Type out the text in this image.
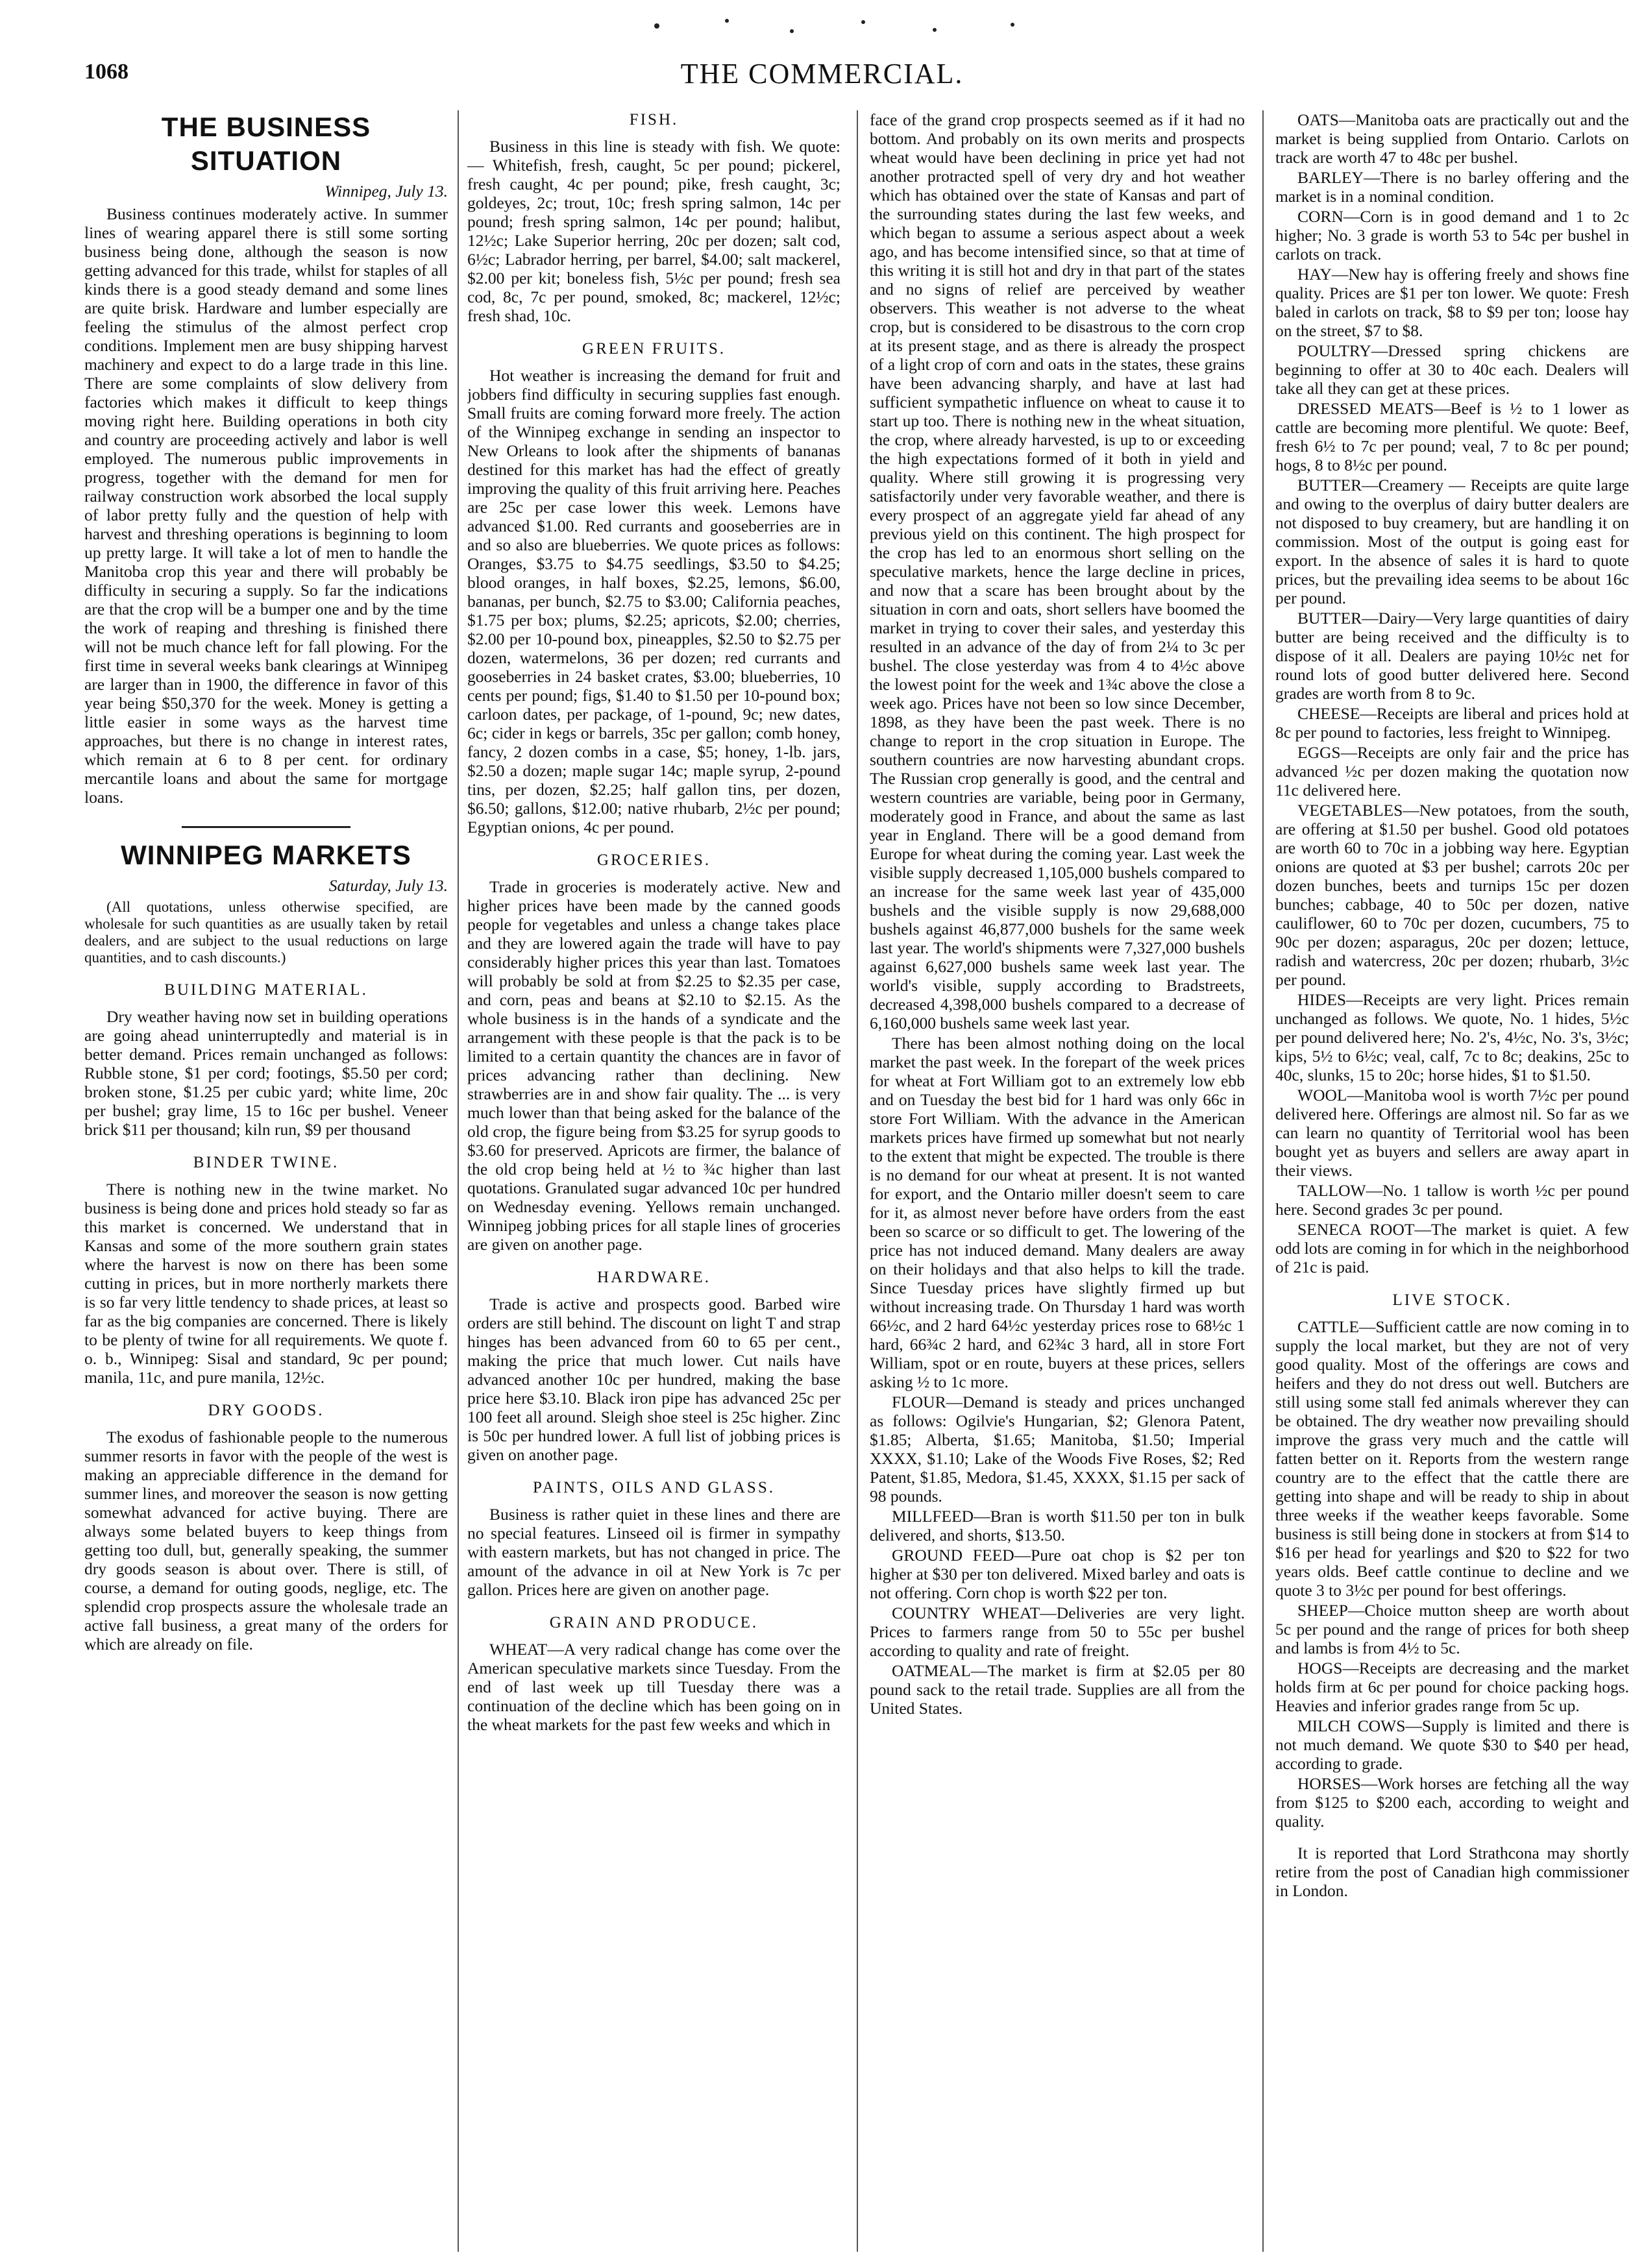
1068	THE COMMERCIAL.
THE BUSINESS SITUATION
Winnipeg, July 13.

Business continues moderately active. In summer lines of wearing apparel there is still some sorting business being done, although the season is now getting advanced for this trade, whilst for staples of all kinds there is a good steady demand and some lines are quite brisk. Hardware and lumber especially are feeling the stimulus of the almost perfect crop conditions. Implement men are busy shipping harvest machinery and expect to do a large trade in this line. There are some complaints of slow delivery from factories which makes it difficult to keep things moving right here. Building operations in both city and country are proceeding actively and labor is well employed. The numerous public improvements in progress, together with the demand for men for railway construction work absorbed the local supply of labor pretty fully and the question of help with harvest and threshing operations is beginning to loom up pretty large. It will take a lot of men to handle the Manitoba crop this year and there will probably be difficulty in securing a supply. So far the indications are that the crop will be a bumper one and by the time the work of reaping and threshing is finished there will not be much chance left for fall plowing. For the first time in several weeks bank clearings at Winnipeg are larger than in 1900, the difference in favor of this year being $50,370 for the week. Money is getting a little easier in some ways as the harvest time approaches, but there is no change in interest rates, which remain at 6 to 8 per cent. for ordinary mercantile loans and about the same for mortgage loans.

WINNIPEG MARKETS
Saturday, July 13.

(All quotations, unless otherwise specified, are wholesale for such quantities as are usually taken by retail dealers, and are subject to the usual reductions on large quantities, and to cash discounts.)

BUILDING MATERIAL.

Dry weather having now set in building operations are going ahead uninterruptedly and material is in better demand. Prices remain unchanged as follows: Rubble stone, $1 per cord; footings, $5.50 per cord; broken stone, $1.25 per cubic yard; white lime, 20c per bushel; gray lime, 15 to 16c per bushel. Veneer brick $11 per thousand; kiln run, $9 per thousand

BINDER TWINE.

There is nothing new in the twine market. No business is being done and prices hold steady so far as this market is concerned. We understand that in Kansas and some of the more southern grain states where the harvest is now on there has been some cutting in prices, but in more northerly markets there is so far very little tendency to shade prices, at least so far as the big companies are concerned. There is likely to be plenty of twine for all requirements. We quote f. o. b., Winnipeg: Sisal and standard, 9c per pound; manila, 11c, and pure manila, 12½c.

DRY GOODS.

The exodus of fashionable people to the numerous summer resorts in favor with the people of the west is making an appreciable difference in the demand for summer lines, and moreover the season is now getting somewhat advanced for active buying. There are always some belated buyers to keep things from getting too dull, but, generally speaking, the summer dry goods season is about over. There is still, of course, a demand for outing goods, neglige, etc. The splendid crop prospects assure the wholesale trade an active fall business, a great many of the orders for which are already on file.

FISH.

Business in this line is steady with fish. We quote: — Whitefish, fresh, caught, 5c per pound; pickerel, fresh caught, 4c per pound; pike, fresh caught, 3c; goldeyes, 2c; trout, 10c; fresh spring salmon, 14c per pound; fresh spring salmon, 14c per pound; halibut, 12½c; Lake Superior herring, 20c per dozen; salt cod, 6½c; Labrador herring, per barrel, $4.00; salt mackerel, $2.00 per kit; boneless fish, 5½c per pound; fresh sea cod, 8c, 7c per pound, smoked, 8c; mackerel, 12½c; fresh shad, 10c.

GREEN FRUITS.

Hot weather is increasing the demand for fruit and jobbers find difficulty in securing supplies fast enough. Small fruits are coming forward more freely. The action of the Winnipeg exchange in sending an inspector to New Orleans to look after the shipments of bananas destined for this market has had the effect of greatly improving the quality of this fruit arriving here. Peaches are 25c per case lower this week. Lemons have advanced $1.00. Red currants and gooseberries are in and so also are blueberries. We quote prices as follows: Oranges, $3.75 to $4.75 seedlings, $3.50 to $4.25; blood oranges, in half boxes, $2.25, lemons, $6.00, bananas, per bunch, $2.75 to $3.00; California peaches, $1.75 per box; plums, $2.25; apricots, $2.00; cherries, $2.00 per 10-pound box, pineapples, $2.50 to $2.75 per dozen, watermelons, 36 per dozen; red currants and gooseberries in 24 basket crates, $3.00; blueberries, 10 cents per pound; figs, $1.40 to $1.50 per 10-pound box; carloon dates, per package, of 1-pound, 9c; new dates, 6c; cider in kegs or barrels, 35c per gallon; comb honey, fancy, 2 dozen combs in a case, $5; honey, 1-lb. jars, $2.50 a dozen; maple sugar 14c; maple syrup, 2-pound tins, per dozen, $2.25; half gallon tins, per dozen, $6.50; gallons, $12.00; native rhubarb, 2½c per pound; Egyptian onions, 4c per pound.

GROCERIES.

Trade in groceries is moderately active. New and higher prices have been made by the canned goods people for vegetables and unless a change takes place and they are lowered again the trade will have to pay considerably higher prices this year than last. Tomatoes will probably be sold at from $2.25 to $2.35 per case, and corn, peas and beans at $2.10 to $2.15. As the whole business is in the hands of a syndicate and the arrangement with these people is that the pack is to be limited to a certain quantity the chances are in favor of prices advancing rather than declining. New strawberries are in and show fair quality. The ... is very much lower than that being asked for the balance of the old crop, the figure being from $3.25 for syrup goods to $3.60 for preserved. Apricots are firmer, the balance of the old crop being held at ½ to ¾c higher than last quotations. Granulated sugar advanced 10c per hundred on Wednesday evening. Yellows remain unchanged. Winnipeg jobbing prices for all staple lines of groceries are given on another page.

HARDWARE.

Trade is active and prospects good. Barbed wire orders are still behind. The discount on light T and strap hinges has been advanced from 60 to 65 per cent., making the price that much lower. Cut nails have advanced another 10c per hundred, making the base price here $3.10. Black iron pipe has advanced 25c per 100 feet all around. Sleigh shoe steel is 25c higher. Zinc is 50c per hundred lower. A full list of jobbing prices is given on another page.

PAINTS, OILS AND GLASS.

Business is rather quiet in these lines and there are no special features. Linseed oil is firmer in sympathy with eastern markets, but has not changed in price. The amount of the advance in oil at New York is 7c per gallon. Prices here are given on another page.

GRAIN AND PRODUCE.

WHEAT—A very radical change has come over the American speculative markets since Tuesday. From the end of last week up till Tuesday there was a continuation of the decline which has been going on in the wheat markets for the past few weeks and which in

face of the grand crop prospects seemed as if it had no bottom. And probably on its own merits and prospects wheat would have been declining in price yet had not another protracted spell of very dry and hot weather which has obtained over the state of Kansas and part of the surrounding states during the last few weeks, and which began to assume a serious aspect about a week ago, and has become intensified since, so that at time of this writing it is still hot and dry in that part of the states and no signs of relief are perceived by weather observers. This weather is not adverse to the wheat crop, but is considered to be disastrous to the corn crop at its present stage, and as there is already the prospect of a light crop of corn and oats in the states, these grains have been advancing sharply, and have at last had sufficient sympathetic influence on wheat to cause it to start up too. There is nothing new in the wheat situation, the crop, where already harvested, is up to or exceeding the high expectations formed of it both in yield and quality. Where still growing it is progressing very satisfactorily under very favorable weather, and there is every prospect of an aggregate yield far ahead of any previous yield on this continent. The high prospect for the crop has led to an enormous short selling on the speculative markets, hence the large decline in prices, and now that a scare has been brought about by the situation in corn and oats, short sellers have boomed the market in trying to cover their sales, and yesterday this resulted in an advance of the day of from 2¼ to 3c per bushel. The close yesterday was from 4 to 4½c above the lowest point for the week and 1¾c above the close a week ago. Prices have not been so low since December, 1898, as they have been the past week. There is no change to report in the crop situation in Europe. The southern countries are now harvesting abundant crops. The Russian crop generally is good, and the central and western countries are variable, being poor in Germany, moderately good in France, and about the same as last year in England. There will be a good demand from Europe for wheat during the coming year. Last week the visible supply decreased 1,105,000 bushels compared to an increase for the same week last year of 435,000 bushels and the visible supply is now 29,688,000 bushels against 46,877,000 bushels for the same week last year. The world's shipments were 7,327,000 bushels against 6,627,000 bushels same week last year. The world's visible, supply according to Bradstreets, decreased 4,398,000 bushels compared to a decrease of 6,160,000 bushels same week last year.

There has been almost nothing doing on the local market the past week. In the forepart of the week prices for wheat at Fort William got to an extremely low ebb and on Tuesday the best bid for 1 hard was only 66c in store Fort William. With the advance in the American markets prices have firmed up somewhat but not nearly to the extent that might be expected. The trouble is there is no demand for our wheat at present. It is not wanted for export, and the Ontario miller doesn't seem to care for it, as almost never before have orders from the east been so scarce or so difficult to get. The lowering of the price has not induced demand. Many dealers are away on their holidays and that also helps to kill the trade. Since Tuesday prices have slightly firmed up but without increasing trade. On Thursday 1 hard was worth 66½c, and 2 hard 64½c yesterday prices rose to 68½c 1 hard, 66¾c 2 hard, and 62¾c 3 hard, all in store Fort William, spot or en route, buyers at these prices, sellers asking ½ to 1c more.

FLOUR—Demand is steady and prices unchanged as follows: Ogilvie's Hungarian, $2; Glenora Patent, $1.85; Alberta, $1.65; Manitoba, $1.50; Imperial XXXX, $1.10; Lake of the Woods Five Roses, $2; Red Patent, $1.85, Medora, $1.45, XXXX, $1.15 per sack of 98 pounds.

MILLFEED—Bran is worth $11.50 per ton in bulk delivered, and shorts, $13.50.

GROUND FEED—Pure oat chop is $2 per ton higher at $30 per ton delivered. Mixed barley and oats is not offering. Corn chop is worth $22 per ton.

COUNTRY WHEAT—Deliveries are very light. Prices to farmers range from 50 to 55c per bushel according to quality and rate of freight.

OATMEAL—The market is firm at $2.05 per 80 pound sack to the retail trade. Supplies are all from the United States.

OATS—Manitoba oats are practically out and the market is being supplied from Ontario. Carlots on track are worth 47 to 48c per bushel.

BARLEY—There is no barley offering and the market is in a nominal condition.

CORN—Corn is in good demand and 1 to 2c higher; No. 3 grade is worth 53 to 54c per bushel in carlots on track.

HAY—New hay is offering freely and shows fine quality. Prices are $1 per ton lower. We quote: Fresh baled in carlots on track, $8 to $9 per ton; loose hay on the street, $7 to $8.

POULTRY—Dressed spring chickens are beginning to offer at 30 to 40c each. Dealers will take all they can get at these prices.

DRESSED MEATS—Beef is ½ to 1 lower as cattle are becoming more plentiful. We quote: Beef, fresh 6½ to 7c per pound; veal, 7 to 8c per pound; hogs, 8 to 8½c per pound.

BUTTER—Creamery — Receipts are quite large and owing to the overplus of dairy butter dealers are not disposed to buy creamery, but are handling it on commission. Most of the output is going east for export. In the absence of sales it is hard to quote prices, but the prevailing idea seems to be about 16c per pound.

BUTTER—Dairy—Very large quantities of dairy butter are being received and the difficulty is to dispose of it all. Dealers are paying 10½c net for round lots of good butter delivered here. Second grades are worth from 8 to 9c.

CHEESE—Receipts are liberal and prices hold at 8c per pound to factories, less freight to Winnipeg.

EGGS—Receipts are only fair and the price has advanced ½c per dozen making the quotation now 11c delivered here.

VEGETABLES—New potatoes, from the south, are offering at $1.50 per bushel. Good old potatoes are worth 60 to 70c in a jobbing way here. Egyptian onions are quoted at $3 per bushel; carrots 20c per dozen bunches, beets and turnips 15c per dozen bunches; cabbage, 40 to 50c per dozen, native cauliflower, 60 to 70c per dozen, cucumbers, 75 to 90c per dozen; asparagus, 20c per dozen; lettuce, radish and watercress, 20c per dozen; rhubarb, 3½c per pound.

HIDES—Receipts are very light. Prices remain unchanged as follows. We quote, No. 1 hides, 5½c per pound delivered here; No. 2's, 4½c, No. 3's, 3½c; kips, 5½ to 6½c; veal, calf, 7c to 8c; deakins, 25c to 40c, slunks, 15 to 20c; horse hides, $1 to $1.50.

WOOL—Manitoba wool is worth 7½c per pound delivered here. Offerings are almost nil. So far as we can learn no quantity of Territorial wool has been bought yet as buyers and sellers are away apart in their views.

TALLOW—No. 1 tallow is worth ½c per pound here. Second grades 3c per pound.

SENECA ROOT—The market is quiet. A few odd lots are coming in for which in the neighborhood of 21c is paid.

LIVE STOCK.

CATTLE—Sufficient cattle are now coming in to supply the local market, but they are not of very good quality. Most of the offerings are cows and heifers and they do not dress out well. Butchers are still using some stall fed animals wherever they can be obtained. The dry weather now prevailing should improve the grass very much and the cattle will fatten better on it. Reports from the western range country are to the effect that the cattle there are getting into shape and will be ready to ship in about three weeks if the weather keeps favorable. Some business is still being done in stockers at from $14 to $16 per head for yearlings and $20 to $22 for two years olds. Beef cattle continue to decline and we quote 3 to 3½c per pound for best offerings.

SHEEP—Choice mutton sheep are worth about 5c per pound and the range of prices for both sheep and lambs is from 4½ to 5c.

HOGS—Receipts are decreasing and the market holds firm at 6c per pound for choice packing hogs. Heavies and inferior grades range from 5c up.

MILCH COWS—Supply is limited and there is not much demand. We quote $30 to $40 per head, according to grade.

HORSES—Work horses are fetching all the way from $125 to $200 each, according to weight and quality.

It is reported that Lord Strathcona may shortly retire from the post of Canadian high commissioner in London.
